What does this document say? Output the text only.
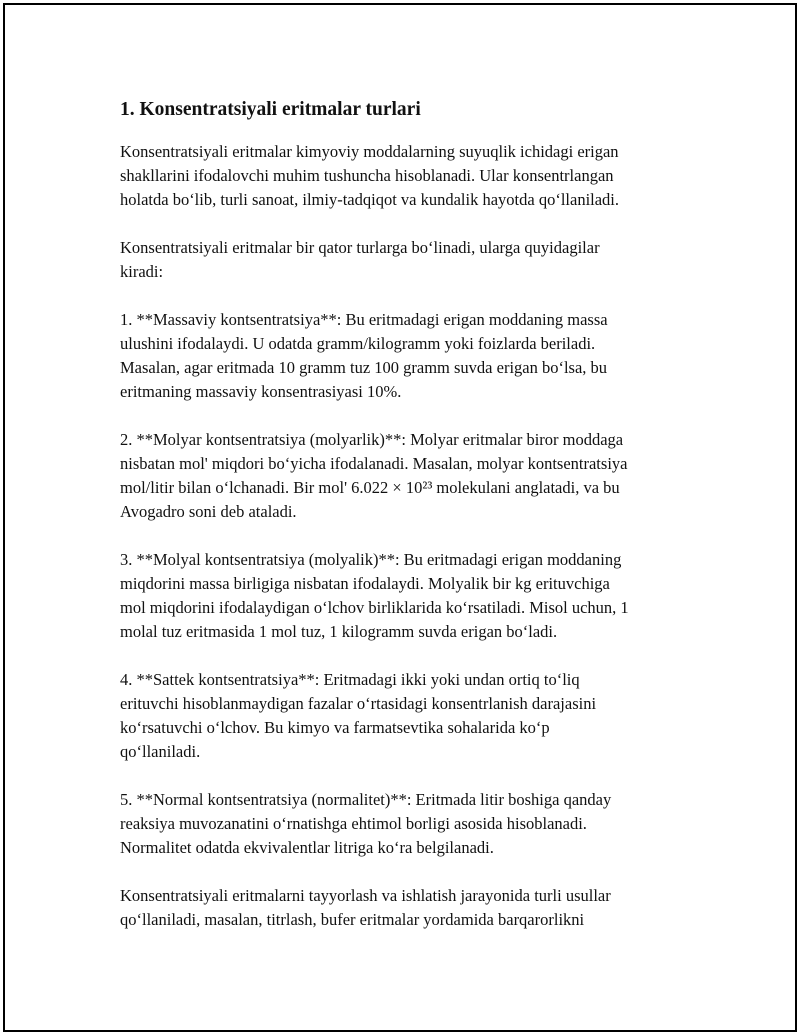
1. Konsentratsiyali eritmalar turlari

Konsentratsiyali eritmalar kimyoviy moddalarning suyuqlik ichidagi erigan
shakllarini ifodalovchi muhim tushuncha hisoblanadi. Ular konsentrlangan
holatda boʻlib, turli sanoat, ilmiy-tadqiqot va kundalik hayotda qoʻllaniladi.

Konsentratsiyali eritmalar bir qator turlarga boʻlinadi, ularga quyidagilar
kiradi:

1. **Massaviy kontsentratsiya**: Bu eritmadagi erigan moddaning massa
ulushini ifodalaydi. U odatda gramm/kilogramm yoki foizlarda beriladi.
Masalan, agar eritmada 10 gramm tuz 100 gramm suvda erigan boʻlsa, bu
eritmaning massaviy konsentrasiyasi 10%.

2. **Molyar kontsentratsiya (molyarlik)**: Molyar eritmalar biror moddaga
nisbatan mol' miqdori boʻyicha ifodalanadi. Masalan, molyar kontsentratsiya
mol/litir bilan oʻlchanadi. Bir mol' 6.022 × 10²³ molekulani anglatadi, va bu
Avogadro soni deb ataladi.

3. **Molyal kontsentratsiya (molyalik)**: Bu eritmadagi erigan moddaning
miqdorini massa birligiga nisbatan ifodalaydi. Molyalik bir kg erituvchiga
mol miqdorini ifodalaydigan oʻlchov birliklarida koʻrsatiladi. Misol uchun, 1
molal tuz eritmasida 1 mol tuz, 1 kilogramm suvda erigan boʻladi.

4. **Sattek kontsentratsiya**: Eritmadagi ikki yoki undan ortiq toʻliq
erituvchi hisoblanmaydigan fazalar oʻrtasidagi konsentrlanish darajasini
koʻrsatuvchi oʻlchov. Bu kimyo va farmatsevtika sohalarida koʻp
qoʻllaniladi.

5. **Normal kontsentratsiya (normalitet)**: Eritmada litir boshiga qanday
reaksiya muvozanatini oʻrnatishga ehtimol borligi asosida hisoblanadi.
Normalitet odatda ekvivalentlar litriga koʻra belgilanadi.

Konsentratsiyali eritmalarni tayyorlash va ishlatish jarayonida turli usullar
qoʻllaniladi, masalan, titrlash, bufer eritmalar yordamida barqarorlikni
